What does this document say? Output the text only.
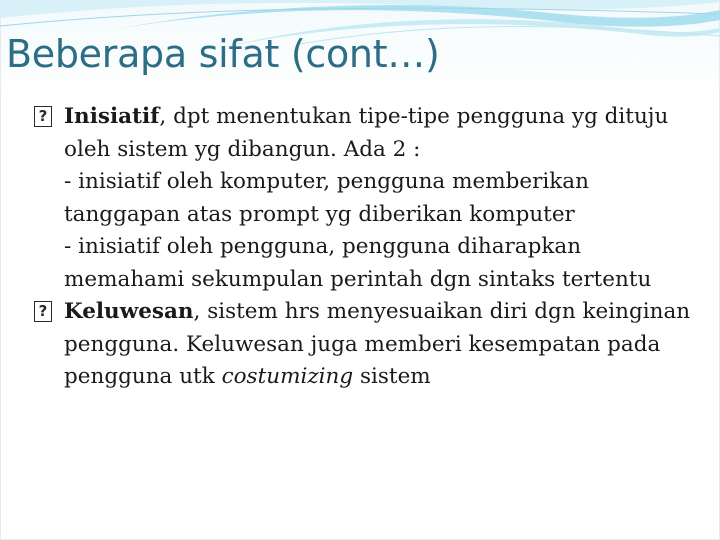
Beberapa sifat (cont…)
? Inisiatif, dpt menentukan tipe-tipe pengguna yg dituju oleh sistem yg dibangun. Ada 2 :
- inisiatif oleh komputer, pengguna memberikan tanggapan atas prompt yg diberikan komputer
- inisiatif oleh pengguna, pengguna diharapkan memahami sekumpulan perintah dgn sintaks tertentu
? Keluwesan, sistem hrs menyesuaikan diri dgn keinginan pengguna. Keluwesan juga memberi kesempatan pada pengguna utk costumizing sistem
